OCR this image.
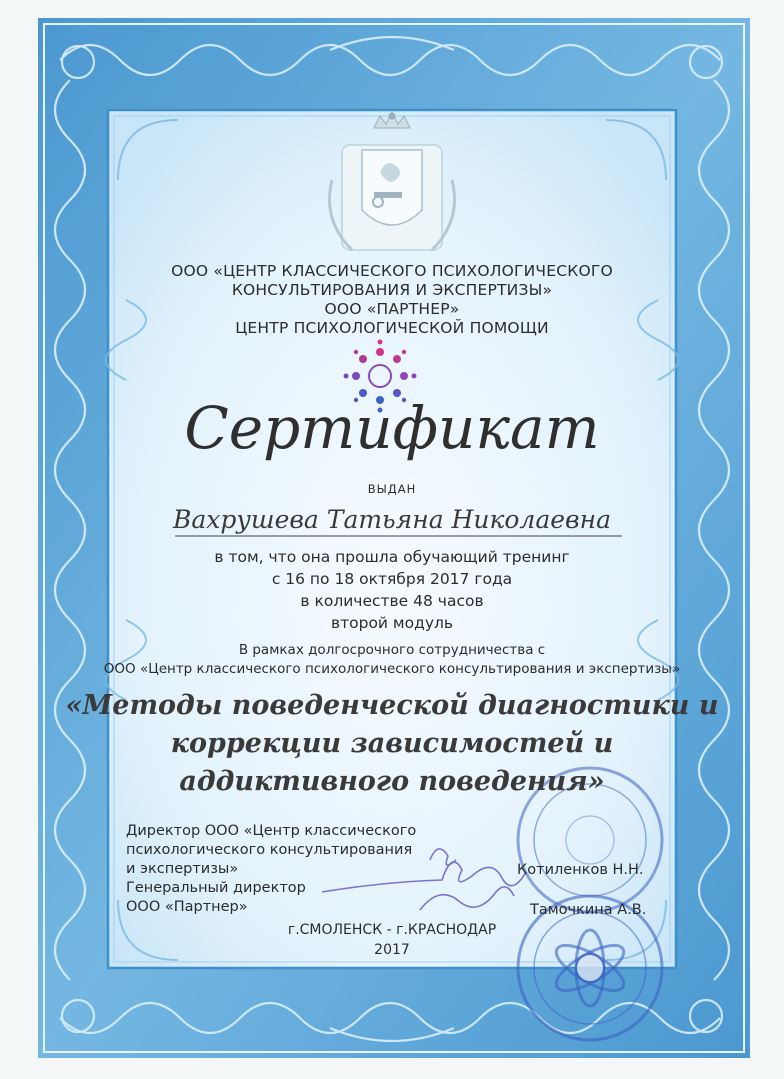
ООО «ЦЕНТР КЛАССИЧЕСКОГО ПСИХОЛОГИЧЕСКОГО
КОНСУЛЬТИРОВАНИЯ И ЭКСПЕРТИЗЫ»
ООО «ПАРТНЕР»
ЦЕНТР ПСИХОЛОГИЧЕСКОЙ ПОМОЩИ
Сертификат
ВЫДАН
Вахрушева Татьяна Николаевна
в том, что она прошла обучающий тренинг
с 16 по 18 октября 2017 года
в количестве 48 часов
второй модуль
В рамках долгосрочного сотрудничества с
ООО «Центр классического психологического консультирования и экспертизы»
«Методы поведенческой диагностики и
коррекции зависимостей и
аддиктивного поведения»
Директор ООО «Центр классического
психологического консультирования
и экспертизы»
Генеральный директор
ООО «Партнер»
Котиленков Н.Н.
Тамочкина А.В.
г.СМОЛЕНСК - г.КРАСНОДАР
2017
